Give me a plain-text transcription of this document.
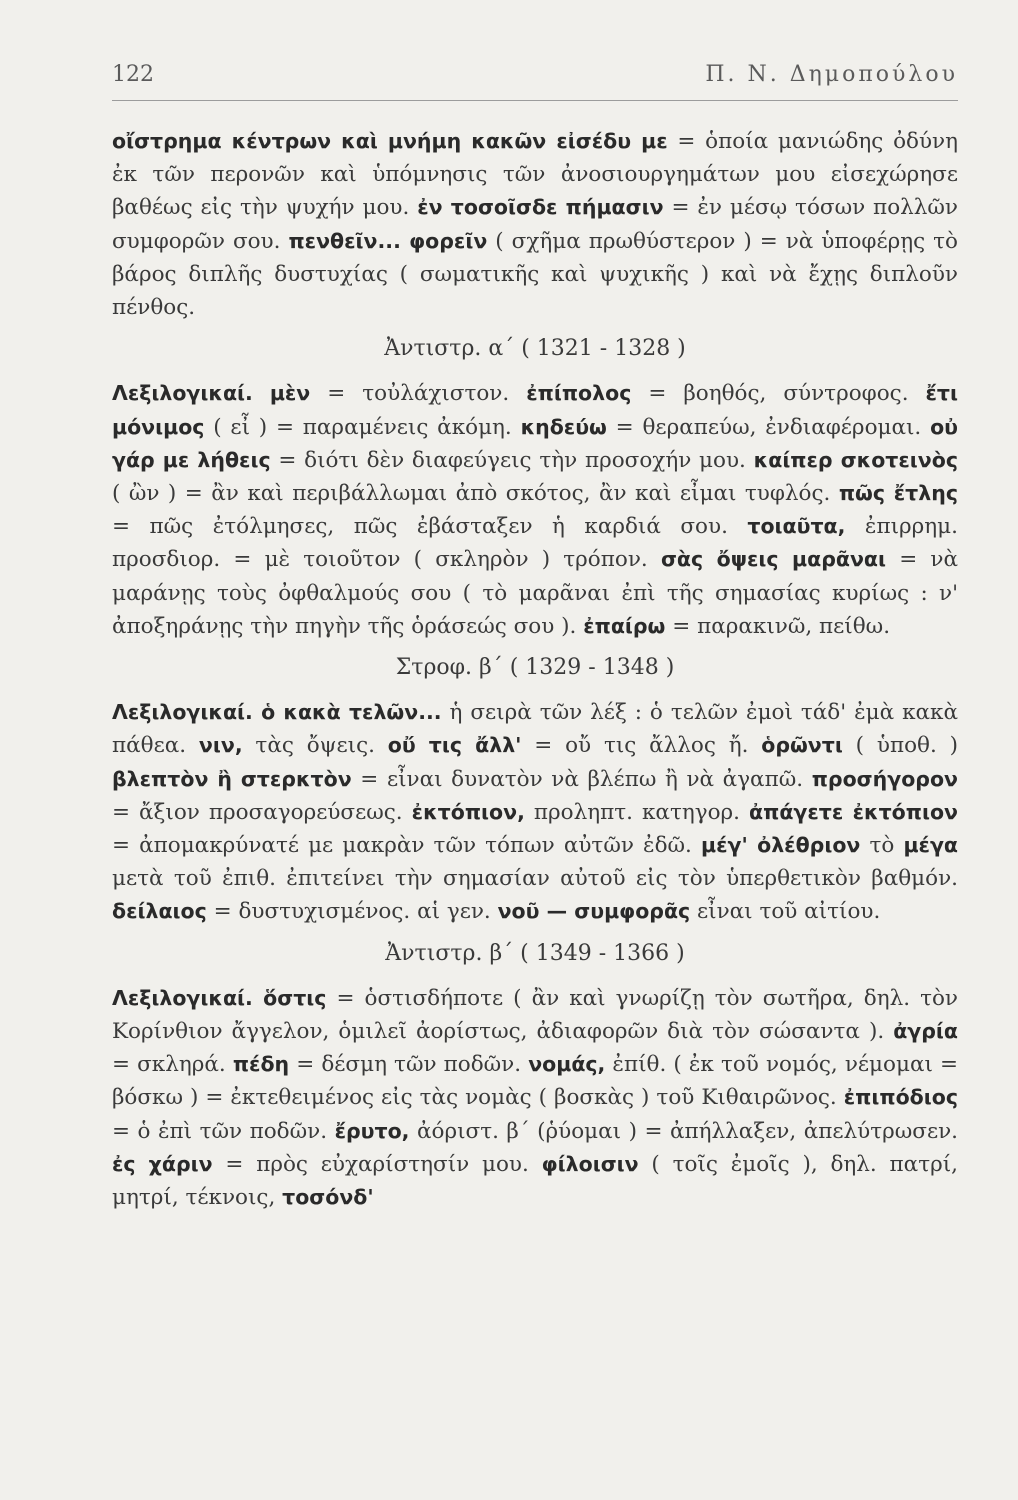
122	Π. Ν. Δημοπούλου

οἴστρημα κέντρων καὶ μνήμη κακῶν εἰσέδυ με = ὁποία μανιώδης ὀδύνη ἐκ τῶν περονῶν καὶ ὑπόμνησις τῶν ἀνοσιουργημάτων μου εἰσεχώρησε βαθέως εἰς τὴν ψυχήν μου. ἐν τοσοῖσδε πήμασιν = ἐν μέσῳ τόσων πολλῶν συμφορῶν σου. πενθεῖν... φορεῖν ( σχῆμα πρωθύστερον ) = νὰ ὑποφέρῃς τὸ βάρος διπλῆς δυστυχίας ( σωματικῆς καὶ ψυχικῆς ) καὶ νὰ ἔχῃς διπλοῦν πένθος.

Ἀντιστρ. α΄ ( 1321 - 1328 )

Λεξιλογικαί. μὲν = τοὐλάχιστον. ἐπίπολος = βοηθός, σύντροφος. ἔτι μόνιμος ( εἶ ) = παραμένεις ἀκόμη. κηδεύω = θεραπεύω, ἐνδιαφέρομαι. οὐ γάρ με λήθεις = διότι δὲν διαφεύγεις τὴν προσοχήν μου. καίπερ σκοτεινὸς ( ὢν ) = ἂν καὶ περιβάλλωμαι ἀπὸ σκότος, ἂν καὶ εἶμαι τυφλός. πῶς ἔτλης = πῶς ἐτόλμησες, πῶς ἐβάσταξεν ἡ καρδιά σου. τοιαῦτα, ἐπιρρημ. προσδιορ. = μὲ τοιοῦτον ( σκληρὸν ) τρόπον. σὰς ὄψεις μαρᾶναι = νὰ μαράνῃς τοὺς ὀφθαλμούς σου ( τὸ μαρᾶναι ἐπὶ τῆς σημασίας κυρίως : ν' ἀποξηράνῃς τὴν πηγὴν τῆς ὁράσεώς σου ). ἐπαίρω = παρακινῶ, πείθω.

Στροφ. β΄ ( 1329 - 1348 )

Λεξιλογικαί. ὁ κακὰ τελῶν... ἡ σειρὰ τῶν λέξ : ὁ τελῶν ἐμοὶ τάδ' ἐμὰ κακὰ πάθεα. νιν, τὰς ὄψεις. οὔ τις ἄλλ' = οὔ τις ἄλλος ἤ. ὁρῶντι ( ὑποθ. ) βλεπτὸν ἢ στερκτὸν = εἶναι δυνατὸν νὰ βλέπω ἢ νὰ ἀγαπῶ. προσήγορον = ἄξιον προσαγορεύσεως. ἐκτόπιον, προληπτ. κατηγορ. ἀπάγετε ἐκτόπιον = ἀπομακρύνατέ με μακρὰν τῶν τόπων αὐτῶν ἐδῶ. μέγ' ὀλέθριον τὸ μέγα μετὰ τοῦ ἐπιθ. ἐπιτείνει τὴν σημασίαν αὐτοῦ εἰς τὸν ὑπερθετικὸν βαθμόν. δείλαιος = δυστυχισμένος. αἱ γεν. νοῦ — συμφορᾶς εἶναι τοῦ αἰτίου.

Ἀντιστρ. β΄ ( 1349 - 1366 )

Λεξιλογικαί. ὅστις = ὁστισδήποτε ( ἂν καὶ γνωρίζῃ τὸν σωτῆρα, δηλ. τὸν Κορίνθιον ἄγγελον, ὁμιλεῖ ἀορίστως, ἀδιαφορῶν διὰ τὸν σώσαντα ). ἀγρία = σκληρά. πέδη = δέσμη τῶν ποδῶν. νομάς, ἐπίθ. ( ἐκ τοῦ νομός, νέμομαι = βόσκω ) = ἐκτεθειμένος εἰς τὰς νομὰς ( βοσκὰς ) τοῦ Κιθαιρῶνος. ἐπιπόδιος = ὁ ἐπὶ τῶν ποδῶν. ἔρυτο, ἀόριστ. β΄ (ῥύομαι ) = ἀπήλλαξεν, ἀπελύτρωσεν. ἐς χάριν = πρὸς εὐχαρίστησίν μου. φίλοισιν ( τοῖς ἐμοῖς ), δηλ. πατρί, μητρί, τέκνοις, τοσόνδ'
